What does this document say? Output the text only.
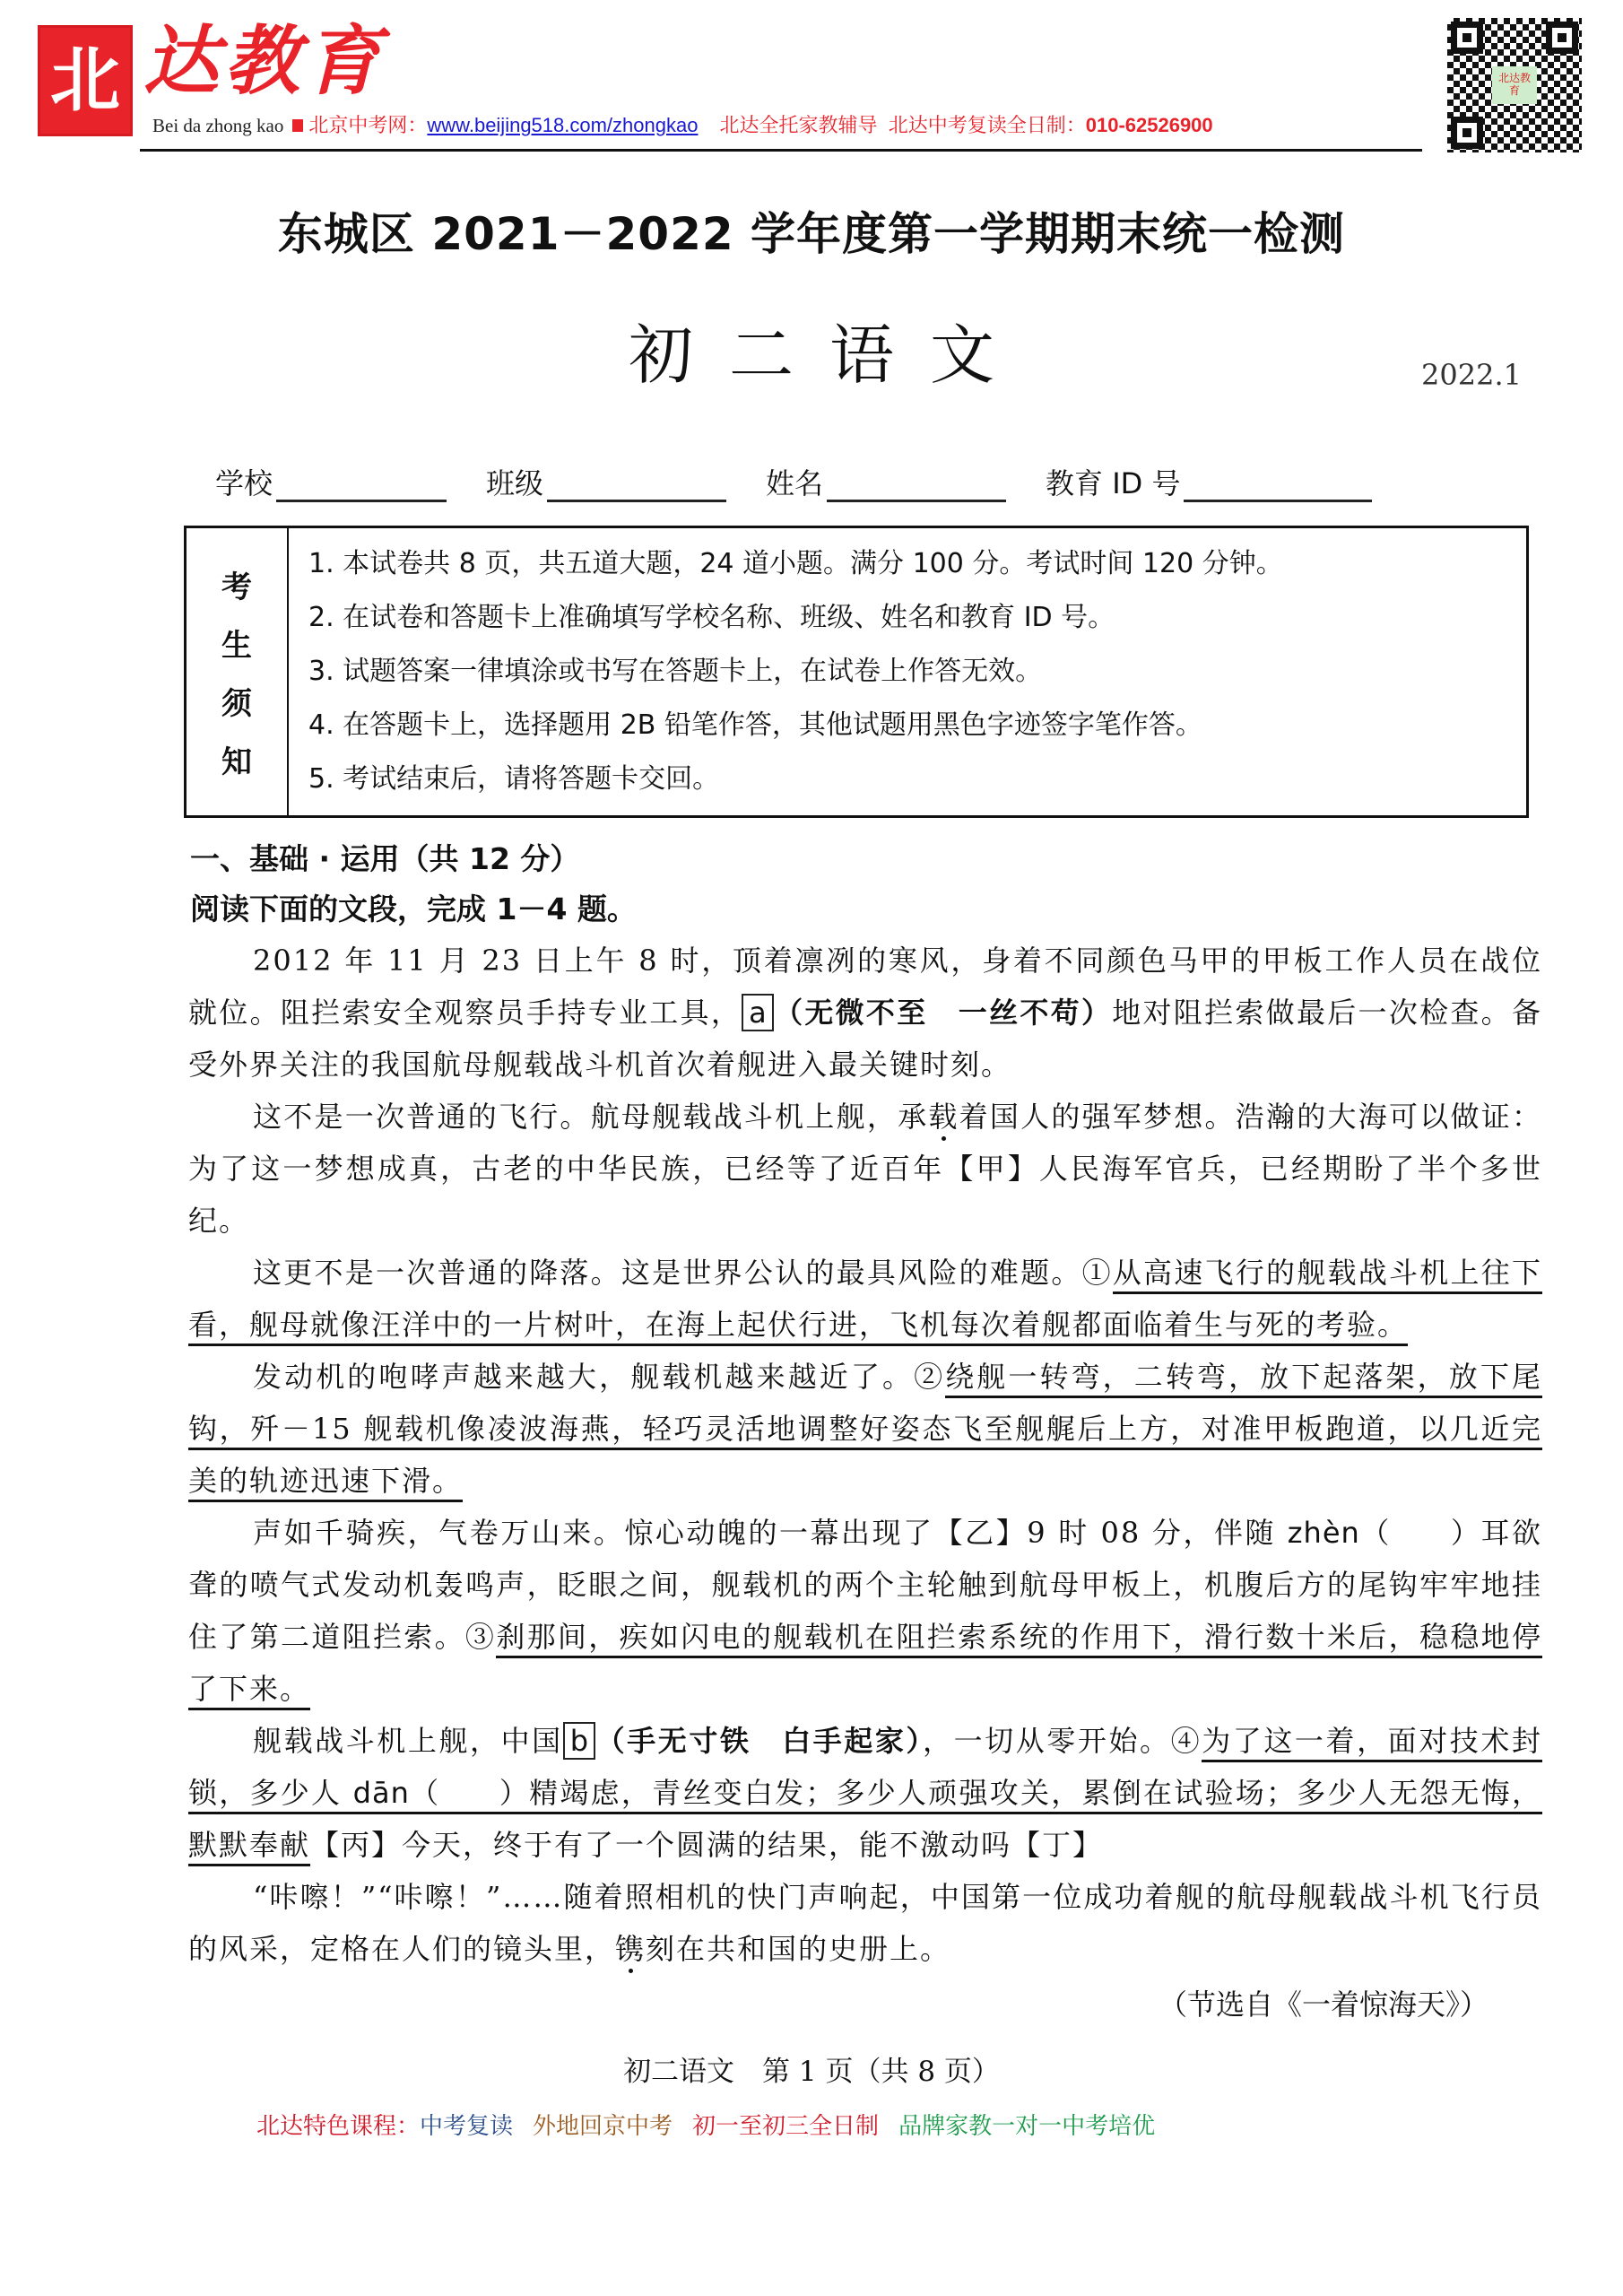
北 达教育
Bei da zhong kao 北京中考网：www.beijing518.com/zhongkao 北达全托家教辅导 北达中考复读全日制：010-62526900
北达教育
东城区 2021－2022 学年度第一学期期末统一检测
初二语文	2022.1
学校	班级	姓名	教育 ID 号
考
生
须
知
1. 本试卷共 8 页，共五道大题，24 道小题。满分 100 分。考试时间 120 分钟。
2. 在试卷和答题卡上准确填写学校名称、班级、姓名和教育 ID 号。
3. 试题答案一律填涂或书写在答题卡上，在试卷上作答无效。
4. 在答题卡上，选择题用 2B 铅笔作答，其他试题用黑色字迹签字笔作答。
5. 考试结束后，请将答题卡交回。
一、基础 · 运用（共 12 分）
阅读下面的文段，完成 1－4 题。

2012 年 11 月 23 日上午 8 时，顶着凛冽的寒风，身着不同颜色马甲的甲板工作人员在战位就位。阻拦索安全观察员手持专业工具， a （无微不至　一丝不苟）地对阻拦索做最后一次检查。备受外界关注的我国航母舰载战斗机首次着舰进入最关键时刻。

这不是一次普通的飞行。航母舰载战斗机上舰，承载着国人的强军梦想。浩瀚的大海可以做证：为了这一梦想成真，古老的中华民族，已经等了近百年【甲】人民海军官兵，已经期盼了半个多世纪。

这更不是一次普通的降落。这是世界公认的最具风险的难题。①从高速飞行的舰载战斗机上往下看，舰母就像汪洋中的一片树叶，在海上起伏行进，飞机每次着舰都面临着生与死的考验。

发动机的咆哮声越来越大，舰载机越来越近了。②绕舰一转弯，二转弯，放下起落架，放下尾钩，歼－15 舰载机像凌波海燕，轻巧灵活地调整好姿态飞至舰艉后上方，对准甲板跑道，以几近完美的轨迹迅速下滑。

声如千骑疾，气卷万山来。惊心动魄的一幕出现了【乙】9 时 08 分，伴随 zhèn（　　）耳欲聋的喷气式发动机轰鸣声，眨眼之间，舰载机的两个主轮触到航母甲板上，机腹后方的尾钩牢牢地挂住了第二道阻拦索。③刹那间，疾如闪电的舰载机在阻拦索系统的作用下，滑行数十米后，稳稳地停了下来。

舰载战斗机上舰，中国 b （手无寸铁　白手起家），一切从零开始。④为了这一着，面对技术封锁，多少人 dān（　　）精竭虑，青丝变白发；多少人顽强攻关，累倒在试验场；多少人无怨无悔，默默奉献【丙】今天，终于有了一个圆满的结果，能不激动吗【丁】

“咔嚓！”“咔嚓！”……随着照相机的快门声响起，中国第一位成功着舰的航母舰载战斗机飞行员的风采，定格在人们的镜头里，镌刻在共和国的史册上。

（节选自《一着惊海天》）
初二语文　第 1 页（共 8 页）
北达特色课程：中考复读 外地回京中考 初一至初三全日制 品牌家教一对一中考培优
